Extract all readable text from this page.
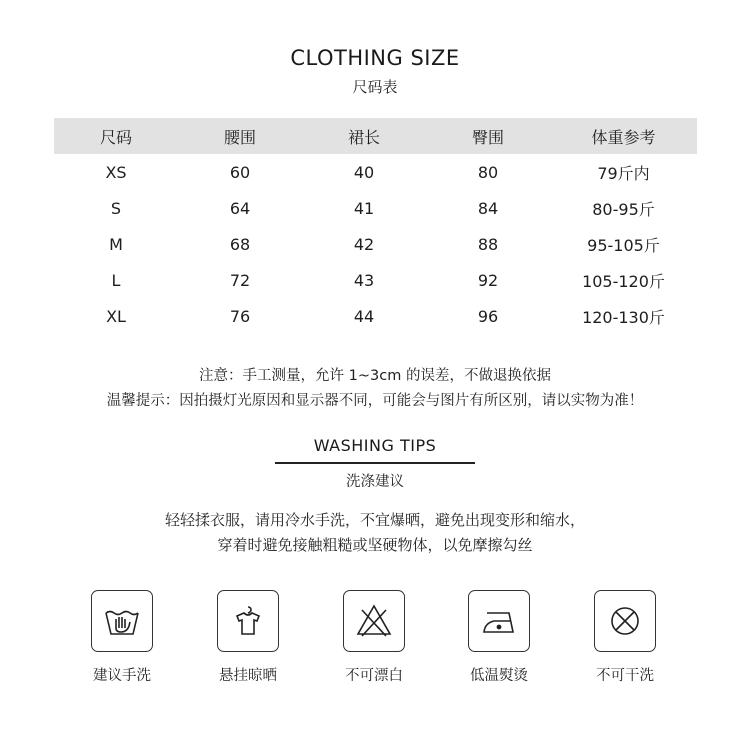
CLOTHING SIZE
尺码表
尺码	腰围	裙长	臀围	体重参考
XS	60	40	80	79斤内
S	64	41	84	80-95斤
M	68	42	88	95-105斤
L	72	43	92	105-120斤
XL	76	44	96	120-130斤
注意：手工测量，允许 1~3cm 的误差，不做退换依据
温馨提示：因拍摄灯光原因和显示器不同，可能会与图片有所区别，请以实物为准！
WASHING TIPS
洗涤建议
轻轻揉衣服，请用冷水手洗，不宜爆晒，避免出现变形和缩水，
穿着时避免接触粗糙或坚硬物体，以免摩擦勾丝
建议手洗	悬挂晾晒	不可漂白	低温熨烫	不可干洗
